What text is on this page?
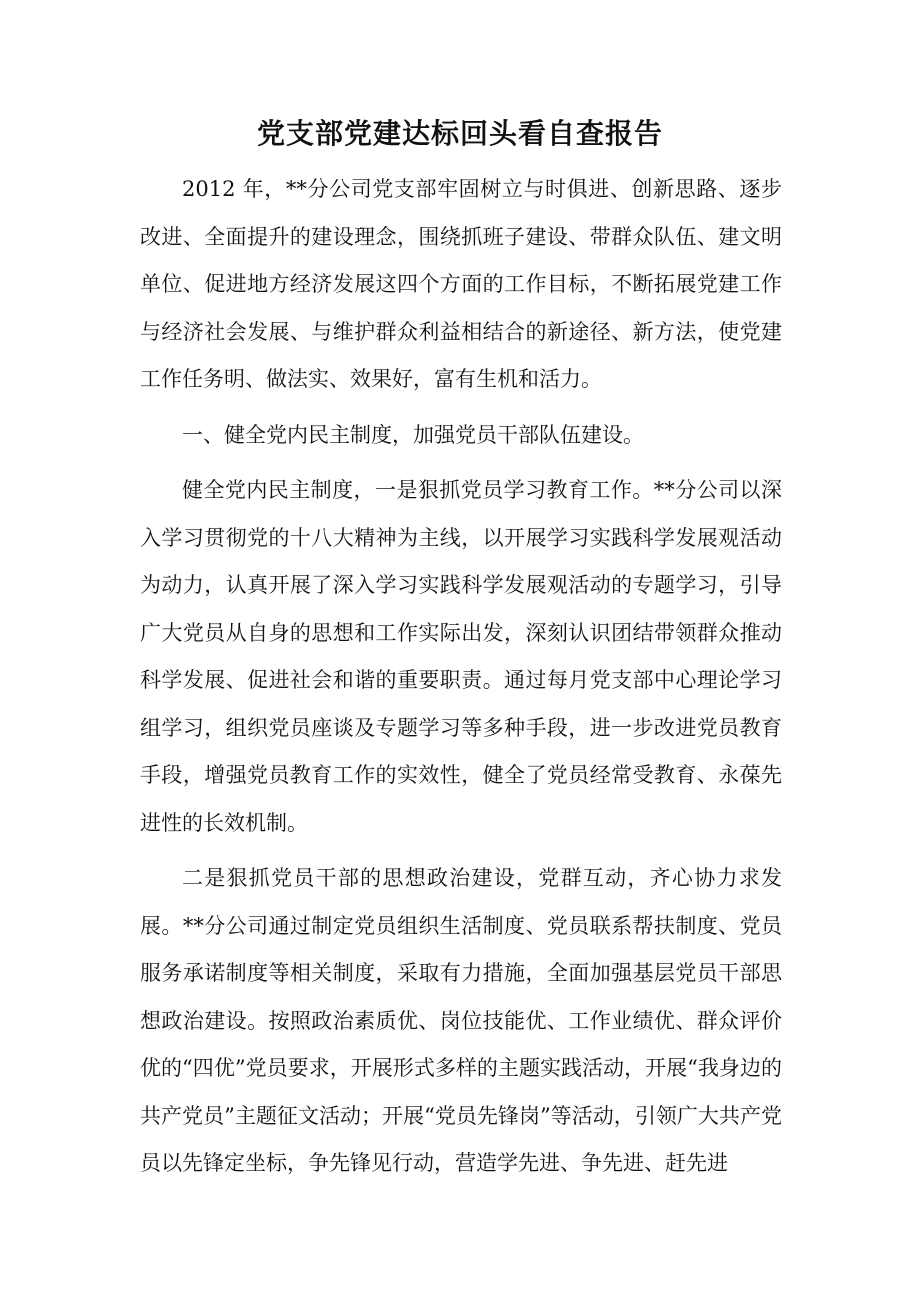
党支部党建达标回头看自查报告

2012 年，**分公司党支部牢固树立与时俱进、创新思路、逐步改进、全面提升的建设理念，围绕抓班子建设、带群众队伍、建文明单位、促进地方经济发展这四个方面的工作目标，不断拓展党建工作与经济社会发展、与维护群众利益相结合的新途径、新方法，使党建工作任务明、做法实、效果好，富有生机和活力。

一、健全党内民主制度，加强党员干部队伍建设。

健全党内民主制度，一是狠抓党员学习教育工作。**分公司以深入学习贯彻党的十八大精神为主线，以开展学习实践科学发展观活动为动力，认真开展了深入学习实践科学发展观活动的专题学习，引导广大党员从自身的思想和工作实际出发，深刻认识团结带领群众推动科学发展、促进社会和谐的重要职责。通过每月党支部中心理论学习组学习，组织党员座谈及专题学习等多种手段，进一步改进党员教育手段，增强党员教育工作的实效性，健全了党员经常受教育、永葆先进性的长效机制。

二是狠抓党员干部的思想政治建设，党群互动，齐心协力求发展。**分公司通过制定党员组织生活制度、党员联系帮扶制度、党员服务承诺制度等相关制度，采取有力措施，全面加强基层党员干部思想政治建设。按照政治素质优、岗位技能优、工作业绩优、群众评价优的“四优”党员要求，开展形式多样的主题实践活动，开展“我身边的共产党员”主题征文活动；开展“党员先锋岗”等活动，引领广大共产党员以先锋定坐标，争先锋见行动，营造学先进、争先进、赶先进
